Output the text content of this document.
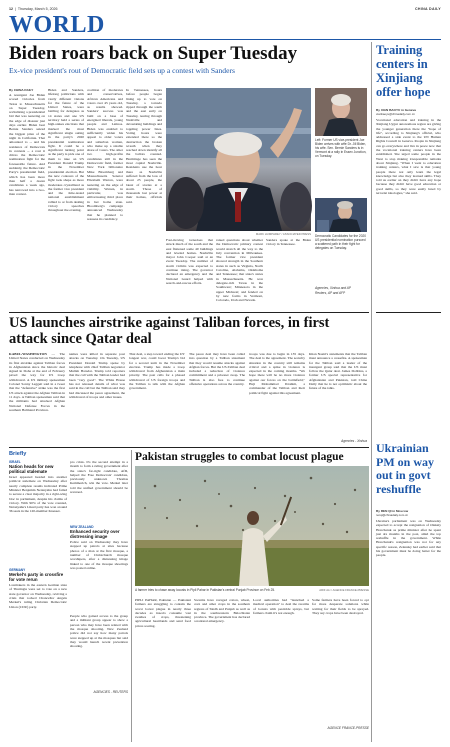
12  |  Thursday, March 5, 2026	CHINA DAILY
WORLD
Biden roars back on Super Tuesday
Ex-vice president's rout of Democratic field sets up a contest with Sanders
By CHINA DAILY
A resurgent Joe Biden scored victories from Texas to Massachusetts on Super Tuesday, revitalizing a presidential bid that was teetering on the edge of disaster just days earlier. Biden beat Bernie Sanders seized the biggest prize of the night in California. That amounted to -- and his residence of Democrats in contests -- a rout it drives the Democratic nomination fight for the foreseeable future. And suddenly, the Democratic Party's presidential field, which has been more than half a dozen candidates a week ago, has narrowed into a two-man contest.
Biden and Sanders, lifelong politicians with vastly different visions for the future of the United States, were battling for delegates as 14 states and one US territory held a series of high-stakes elections that marked the most significant single outing in the party's 2020 presidential nomination fight. It could be a significant turning point as the party is pick one of them to take on US President Donald Trump in the November presidential election. But the new contours of the fight took shape as more moderates crystallized as the former vice president and the time-tested national establishment rallied to or from dealing victory speeches throughout the evening.
coalition of moderates and conservatives, African Americans and voters over 45 years old, as results showed. Sanders' success was built on a base of energized liberals, young people and Latinos. Biden was enabled to sufficiently widen his appeal to older voters and suburban women, who make up a sizable share of voters. The other two high-profile candidates still in the Democratic field, former New York billionaire Mike Bloomberg and Massachusetts Senator Elizabeth Warren, were teetering on the edge of viability. Warren, in particular, was embarrassing third place in her home state. Bloomberg's campaign announced Wednesday that he planned to reassess its candidacy.
In Tennessee, hours before people began lining up to vote on Tuesday, a tornado ripped through the south and the east early on Tuesday, tearing through Nashville and devastating buildings and toppling power lines. Voting hours were extended there so the destruction the broken wreath when they reached down identify all the ballots counted. Hermitage has seen the most capital Nashville. Residents use the hour there as Nashville suffered from the loss of about 25 people, the latest of stories at a storm. Those of thousands lost power at their homes, officials said.
MARK HUMPHREY / ASSOCIATED PRESS
Left: Former US vice-president Joe Biden arrives with wife Dr. Jill Biden, his wife. Sen. Bernie Sanders is in Vermont at a rally in Essex Junction, on Tuesday.
Democratic Candidates for the 2020 US presidential nomination pursued a scattered path in their fight for delegates on Tuesday.
Agencies, Xinhua and AP
Reuters, AP and AFP
Fast-moving tornadoes that struck much of the south and the east flattened some 40 buildings and leveled homes. Nashville mayor John Cooper said at an event Tuesday. The number of storm victims was expected to continue rising. The governor declared an emergency and the National Guard helped with search-and-rescue efforts.
raised questions about whether the Democratic primary contest would stretch all the way to the July convention in Milwaukee. The former vice president showed strength in the Southern states in such as Virginia, North Carolina, Alabama, Oklahoma and Tennessee; that state's states in Massachusetts. He won delegate-rich Texas in the Southwest; Minnesota in the upper Midwest; and fended on by new forms in Vermont, Colorado, Utah and Nevada.
Sanders spoke at the Biden victory in Tennessee.
Training centers in Xinjiang offer hope
By XIAN BAOYU in Geneva
xianbaoyu@chinadaily.com.cn
Vocational education and training in the Xinjiang Uygur autonomous region are giving the younger generation there the "hope of life", according to Xinjiang's official, who addressed a side event to the UN Human Rights Council in Geneva. People in Xinjiang can go everywhere and live in peace now that the vocational training centers have been established. She urged some people in the West to stop making irresponsible remarks about Xinjiang. "When I went to education training centers, what I saw is that young people there not only learn the legal knowledge but also they learned skills. They told us earlier on they didn't have any hope because they didn't have good education or good skills, so they were easily lured by terrorist ideologies," she said.
US launches airstrike against Taliban forces, in first attack since Qatar deal
KABUL/WASHINGTON — The United States conducted on Wednesday its first airstrike against Taliban forces in Afghanistan since the historic deal signed in Doha at the end of February paved the way for US troop withdrawal. A US military spokesman Colonel Sonny Leggett said in a tweet that the "defensive" strike was the first US attack against the Afghan Taliban in 11 days. A Taliban spokesman said that the militants had attacked Afghan National Defense Forces in the southern Helmand Province.
names were killed in separate post attacks on Tuesday. On Tuesday, US President Donald Trump spoke by telephone with chief Taliban negotiator Mullah Baradar. Trump told reporters that the call with the Taliban leader had been "very good". The White House has not released details of what was said in the call but the Taliban said they had discussed the peace agreement, the withdrawal of troops and other issues.
That deal, a step toward ending the US' longest war, could boost Trump's bid for a second term in the November election. Trump has made a troop withdrawal from Afghanistan a main priority. The past calls for a phased withdrawal of US foreign troops and the Taliban to talk with the Afghan government.
The peace deal may have been called into question by a Taliban statement that they would resume attacks against Afghan forces. But the US-Taliban deal included a reduction of violence commitment and a prisoner swap. The Taliban is also free to continue offensive operations across the country.
troops was due to begin in 135 days. The deal is the agreement. The security situation in the country still remains critical and a spike in violence is expected in the coming months. "We hope there will be no more violence against our forces on the battlefield," Haji Mohammad Ibrahim, a commander of the Taliban and their political fight against this agreement.
Khan Nasiri's statements that the Taliban must announce a ceasefire. A spokesman for the Taliban said a leader of the insurgent group said that the US must follow the Qatar deal. James Dobbins, a former US special representative for Afghanistan and Pakistan, told China Daily that he is not optimistic about the future of the talks.
Agencies - Xinhua Ukrainian PM on way out in govt reshuffle
By REN QI in Moscow
renqi@chinadaily.com.cn
Ukraine's parliament was on Wednesday expected to accept the resignation of Oleksiy Honcharuk as prime minister after he spent just six months in the post, amid the top reshuffle in the government. While Honcharuk's resignation was not for any specific reason, Zelensky had earlier said that his government must be doing better for the people.
Briefly
ISRAEL
Nation heads for new political stalemate
Israel appeared headed into another political stalemate on Wednesday after nearly complete results indicated Prime Minister Benjamin Netanyahu had failed to secure a clear majority in a right-wing bloc in parliament, despite his claims of victory. With 90% of the vote counted, Netanyahu's Likud party has won around 36 seats in the 120-member Knesset.
GERMANY
Merkel's party in crossfire for vote rerun
Lawmakers in the eastern German state of Thuringia were set to vote on a new state governor on Wednesday, reviving a crisis that rocked Chancellor Angela Merkel's ruling Christian Democratic Union (CDU) party.
pro crisis. It's the second attempt in a month to form a ruling government after the state's far-right candidate, AfD, helped the Free Democrats' candidate, previously unknown Thomas Kemmerich, win the vote. Merkel later told the unified government should be reversed.
NEW ZEALAND
Enhanced security over distressing image
Police said on Wednesday they have stepped up patrols at sites because photos of a man at the first mosque, a number of Christchurch mosque worshipers, after a distressing image linked to one of the mosque shootings was posted online.
People who gained access to the group and a militant group appear to show a person who may have been related with the mosque shooting. New Zealand police did not say how many patrols were stepped up at the mosques but said they would launch recent prevention shooting.
AGENCIES - REUTERS
Pakistan struggles to combat locust plague
A farmer tries to chase away locusts in Pipli Pahar in Pakistan's central Punjab Province on Feb 25.	ARIF ALI / AGENCE FRANCE-PRESSE
PIPLI PAHAR, Pakistan — Pakistani farmers are struggling to contain the worst locust plague in nearly three decades as insects consume vast swathes of crops, threatening agricultural heartlands and send food prices soaring.
Swarms have ravaged cotton, wheat, corn and other crops in the southern regions of Sindh and Punjab as well as in the southwestern Balochistan province. The government has declared a national emergency.
Local authorities had "launched a medical operation" to deal the swarms of locusts with pesticide sprays, but farmers claim it's not enough.
Some farmers have been forced to opt for more desperate solutions while waiting for their fields to be sprayed. They say crops have been destroyed.
AGENCE FRANCE-PRESSE
